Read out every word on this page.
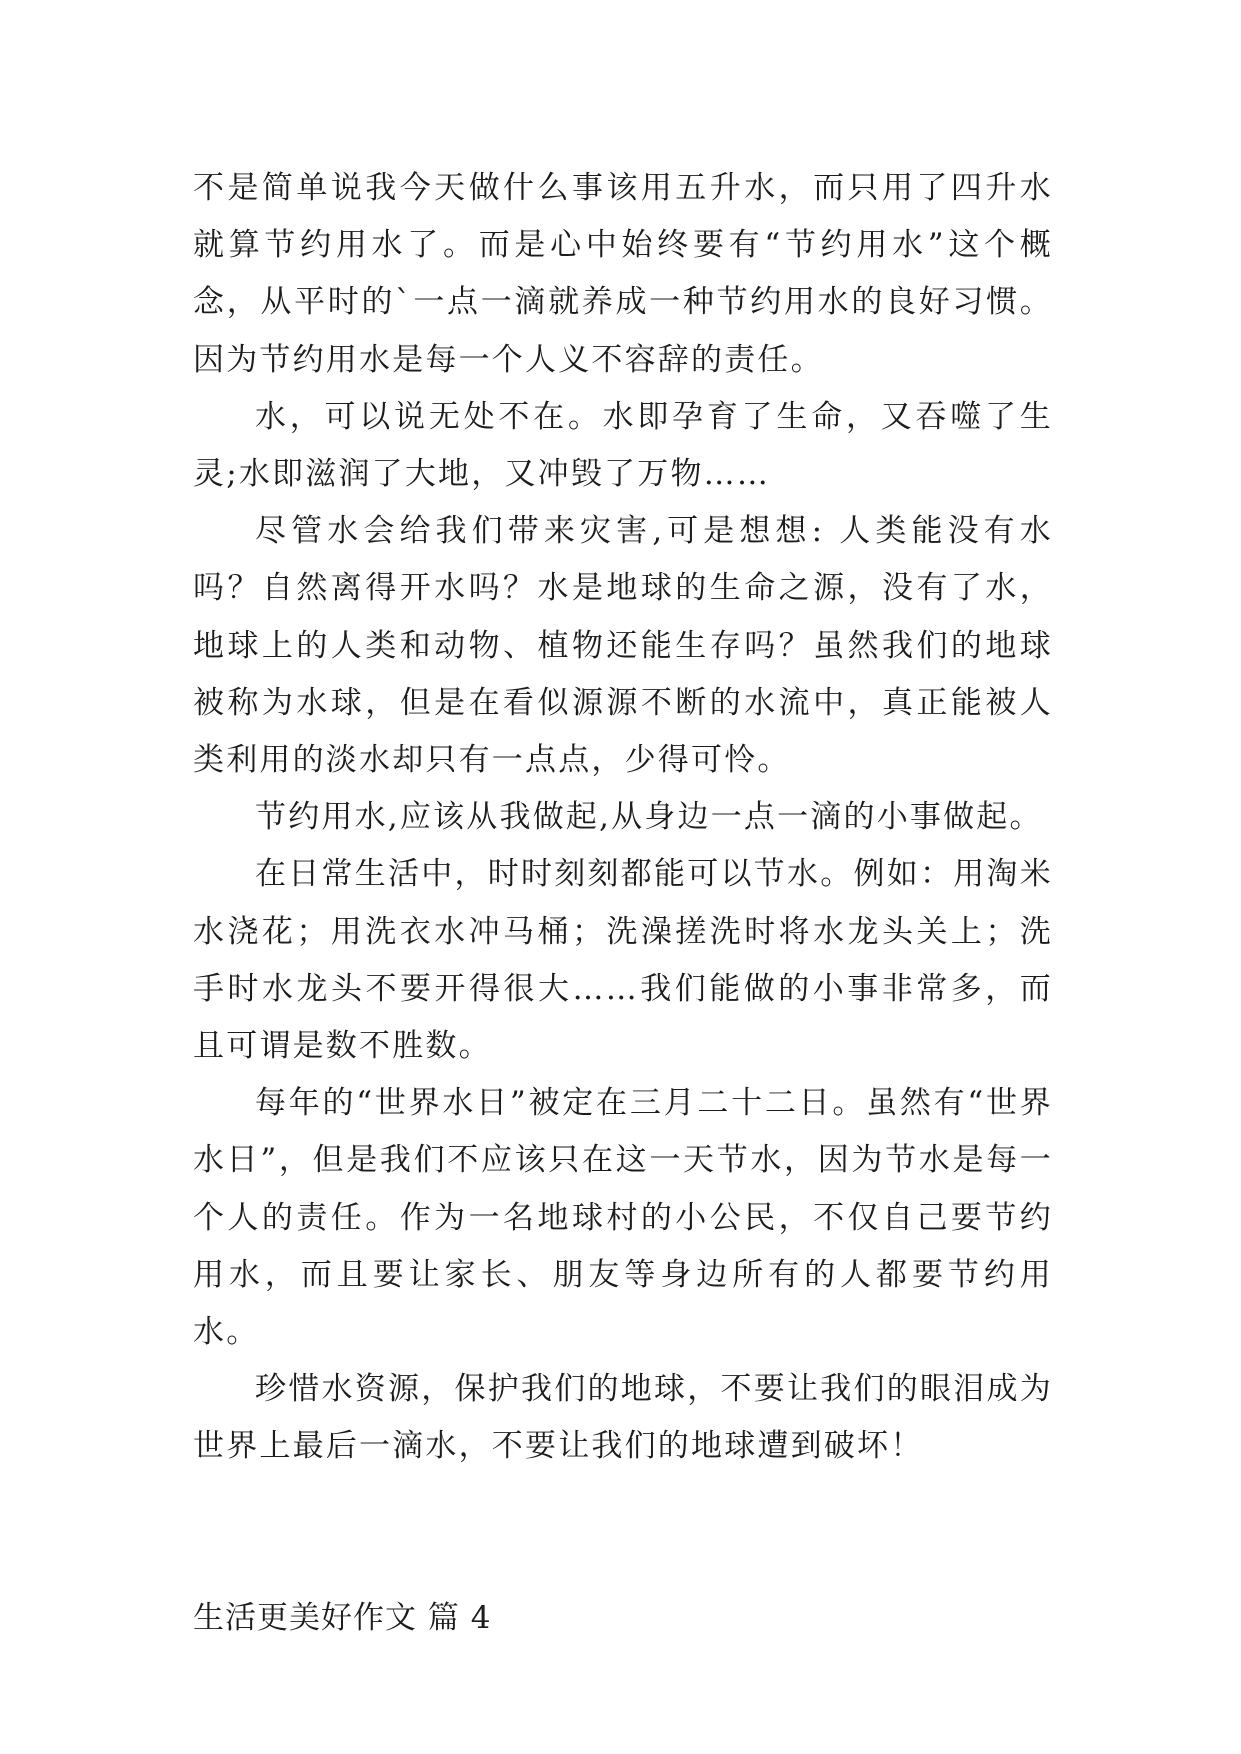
不是简单说我今天做什么事该用五升水，而只用了四升水就算节约用水了。而是心中始终要有“节约用水”这个概念，从平时的`一点一滴就养成一种节约用水的良好习惯。因为节约用水是每一个人义不容辞的责任。

水，可以说无处不在。水即孕育了生命，又吞噬了生灵;水即滋润了大地，又冲毁了万物……

尽管水会给我们带来灾害,可是想想: 人类能没有水吗？自然离得开水吗？水是地球的生命之源，没有了水，地球上的人类和动物、植物还能生存吗？虽然我们的地球被称为水球，但是在看似源源不断的水流中，真正能被人类利用的淡水却只有一点点，少得可怜。

节约用水,应该从我做起,从身边一点一滴的小事做起。

在日常生活中，时时刻刻都能可以节水。例如：用淘米水浇花；用洗衣水冲马桶；洗澡搓洗时将水龙头关上；洗手时水龙头不要开得很大……我们能做的小事非常多，而且可谓是数不胜数。

每年的“世界水日”被定在三月二十二日。虽然有“世界水日”，但是我们不应该只在这一天节水，因为节水是每一个人的责任。作为一名地球村的小公民，不仅自己要节约用水，而且要让家长、朋友等身边所有的人都要节约用水。

珍惜水资源，保护我们的地球，不要让我们的眼泪成为世界上最后一滴水，不要让我们的地球遭到破坏！

生活更美好作文 篇 4
